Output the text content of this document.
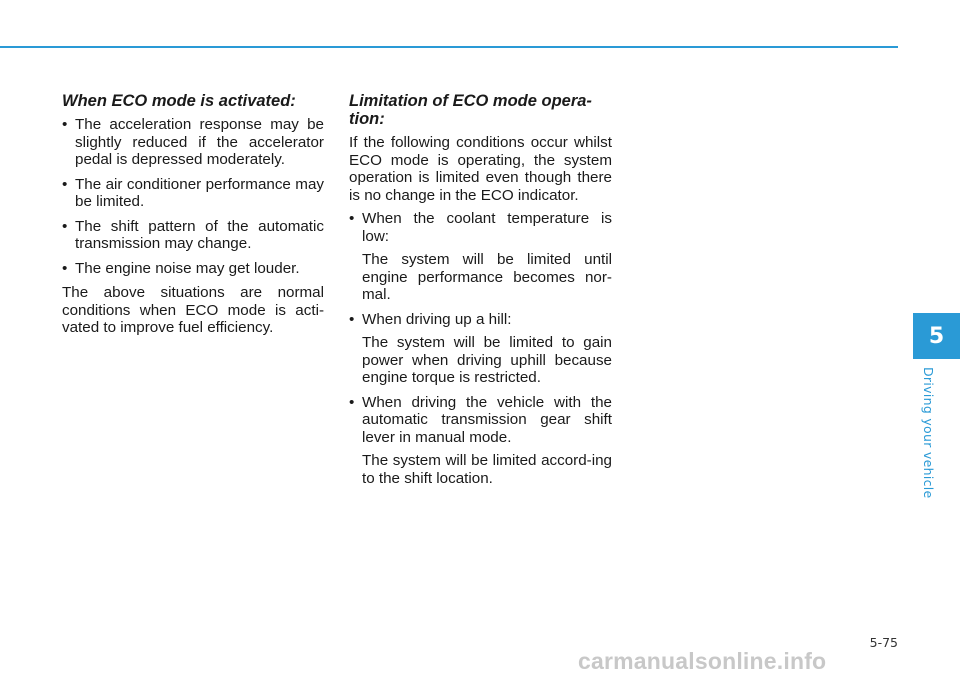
When ECO mode is activated:

• The acceleration response may be slightly reduced if the accelerator pedal is depressed moderately.
• The air conditioner performance may be limited.
• The shift pattern of the automatic transmission may change.
• The engine noise may get louder.

The above situations are normal conditions when ECO mode is acti-vated to improve fuel efficiency.

Limitation of ECO mode opera-tion:

If the following conditions occur whilst ECO mode is operating, the system operation is limited even though there is no change in the ECO indicator.

• When the coolant temperature is low:
The system will be limited until engine performance becomes nor-mal.
• When driving up a hill:
The system will be limited to gain power when driving uphill because engine torque is restricted.
• When driving the vehicle with the automatic transmission gear shift lever in manual mode.
The system will be limited accord-ing to the shift location.
5
Driving your vehicle
5-75
carmanualsonline.info
